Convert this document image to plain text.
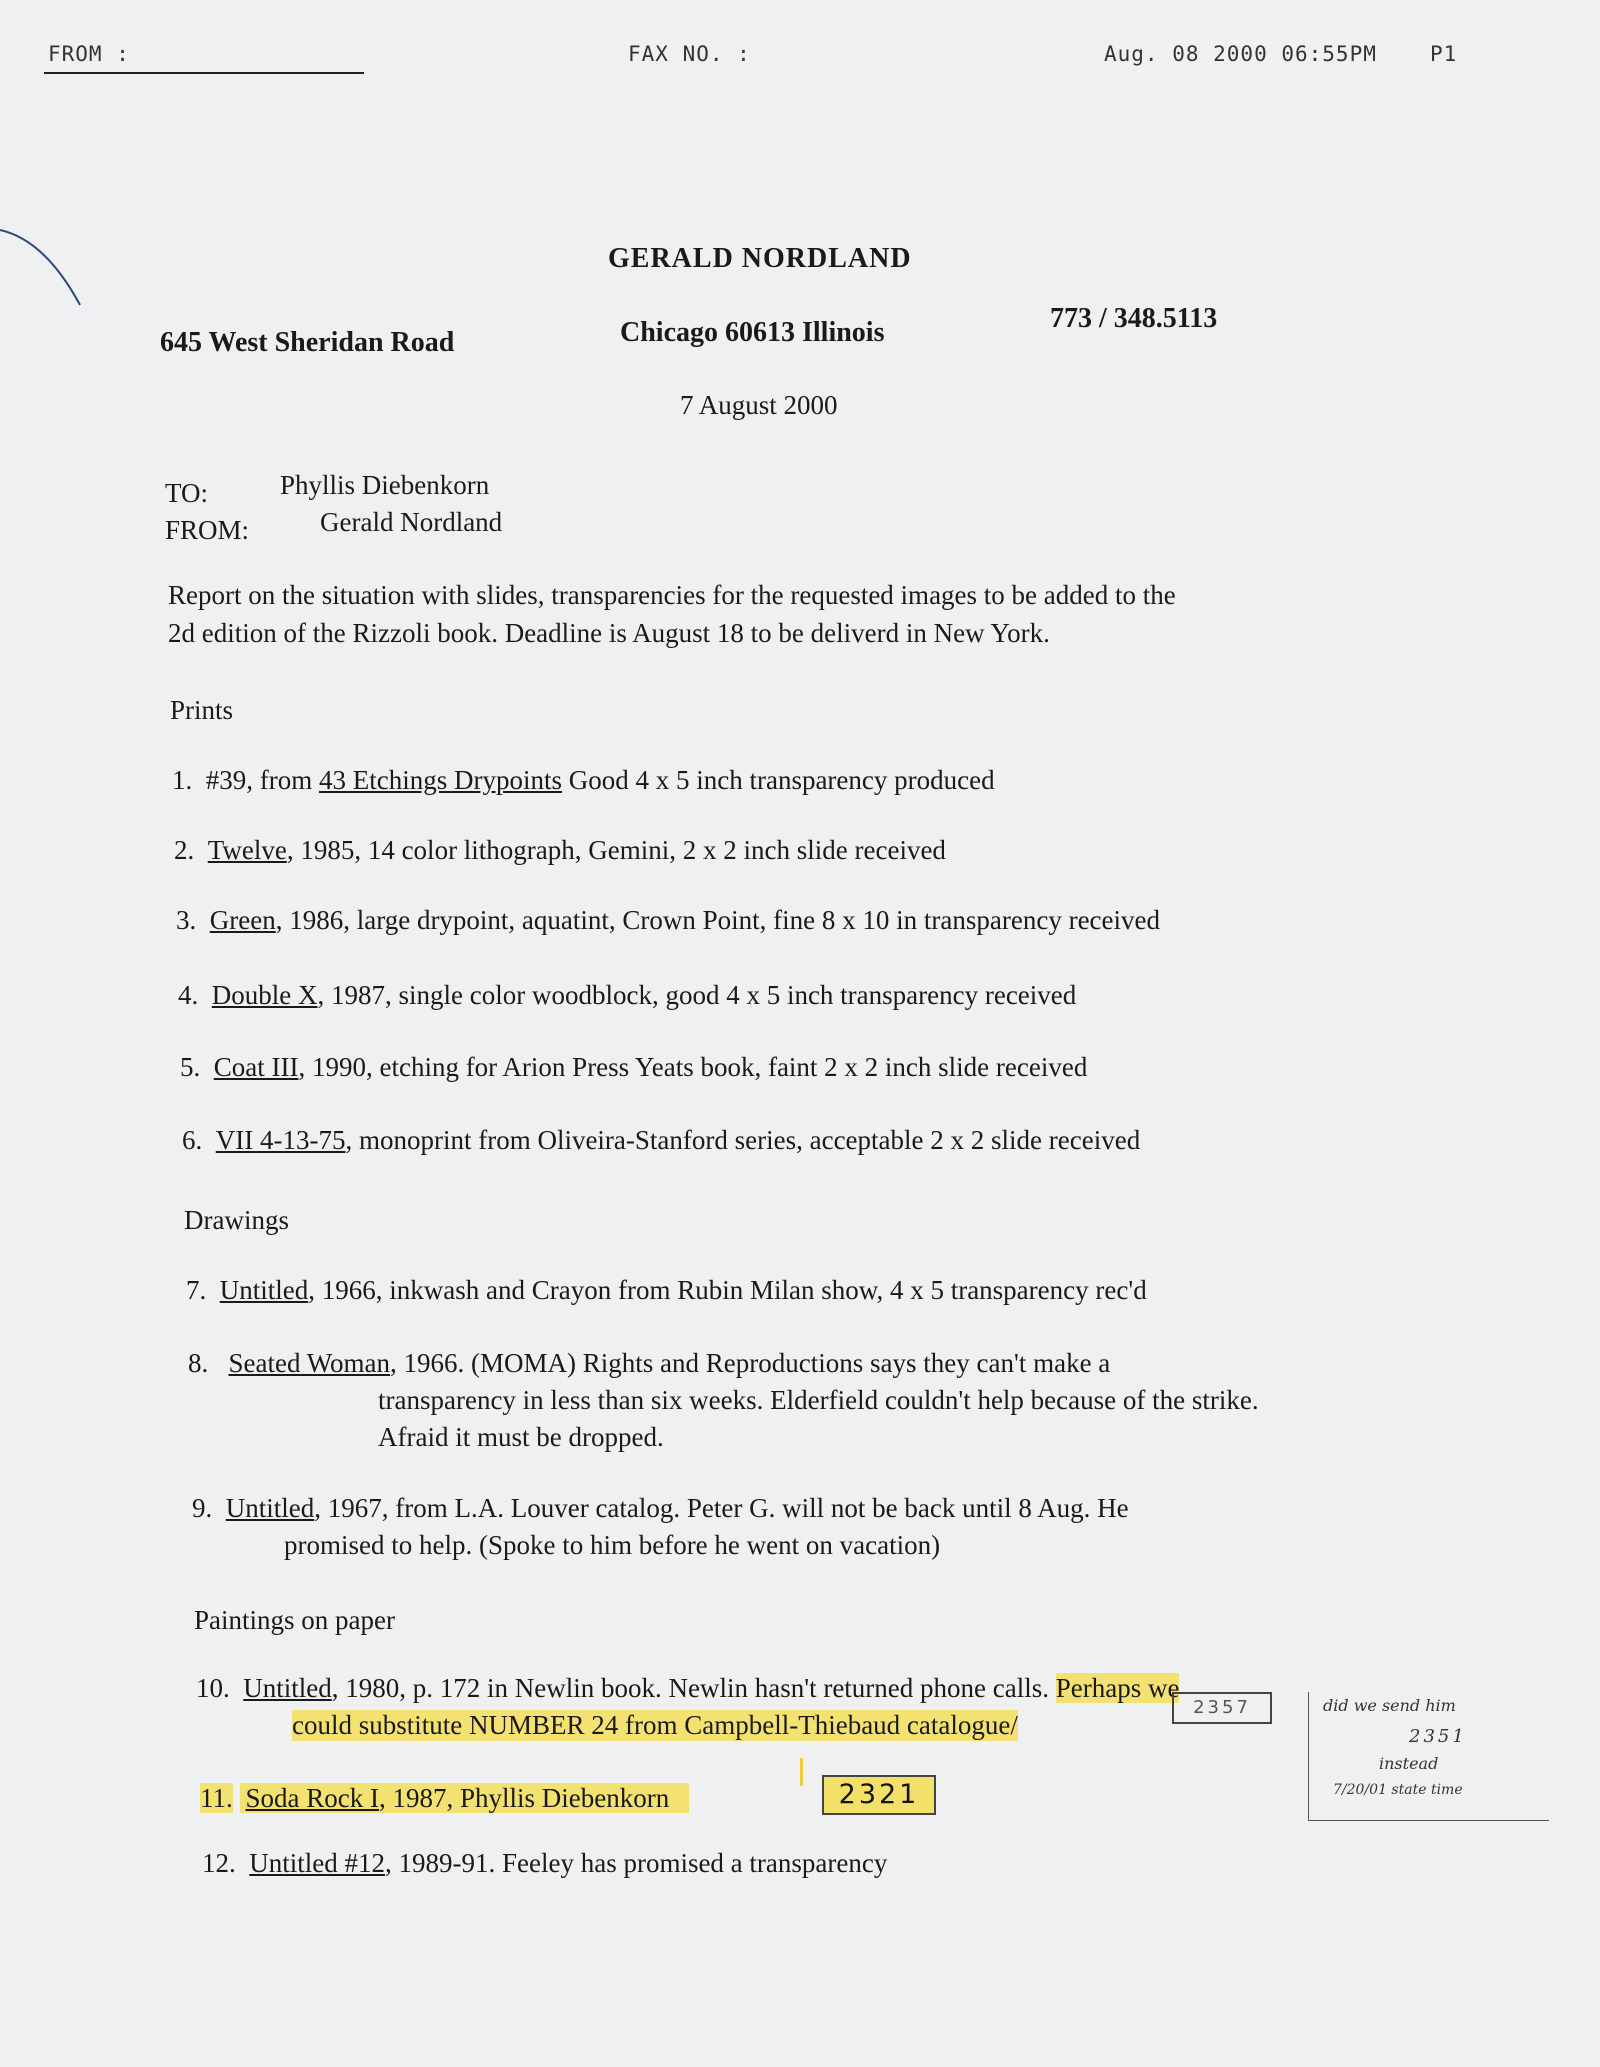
FROM :	FAX NO. :	Aug. 08 2000 06:55PM	P1
GERALD NORDLAND
645 West Sheridan Road	Chicago 60613 Illinois	773 / 348.5113
7 August 2000
TO:	Phyllis Diebenkorn
FROM:	Gerald Nordland
Report on the situation with slides, transparencies for the requested images to be added to the
2d edition of the Rizzoli book. Deadline is August 18 to be deliverd in New York.
Prints
1. #39, from 43 Etchings Drypoints Good 4 x 5 inch transparency produced
2. Twelve, 1985, 14 color lithograph, Gemini, 2 x 2 inch slide received
3. Green, 1986, large drypoint, aquatint, Crown Point, fine 8 x 10 in transparency received
4. Double X, 1987, single color woodblock, good 4 x 5 inch transparency received
5. Coat III, 1990, etching for Arion Press Yeats book, faint 2 x 2 inch slide received
6. VII 4-13-75, monoprint from Oliveira-Stanford series, acceptable 2 x 2 slide received
Drawings
7. Untitled, 1966, inkwash and Crayon from Rubin Milan show, 4 x 5 transparency rec'd
8. Seated Woman, 1966. (MOMA) Rights and Reproductions says they can't make a
transparency in less than six weeks. Elderfield couldn't help because of the strike.
Afraid it must be dropped.
9. Untitled, 1967, from L.A. Louver catalog. Peter G. will not be back until 8 Aug. He
promised to help. (Spoke to him before he went on vacation)
Paintings on paper
10. Untitled, 1980, p. 172 in Newlin book. Newlin hasn't returned phone calls. Perhaps we
could substitute NUMBER 24 from Campbell-Thiebaud catalogue/
2357
11. Soda Rock I, 1987, Phyllis Diebenkorn	2321
12. Untitled #12, 1989-91. Feeley has promised a transparency
did we send him
2351
instead
7/20/01 state time
